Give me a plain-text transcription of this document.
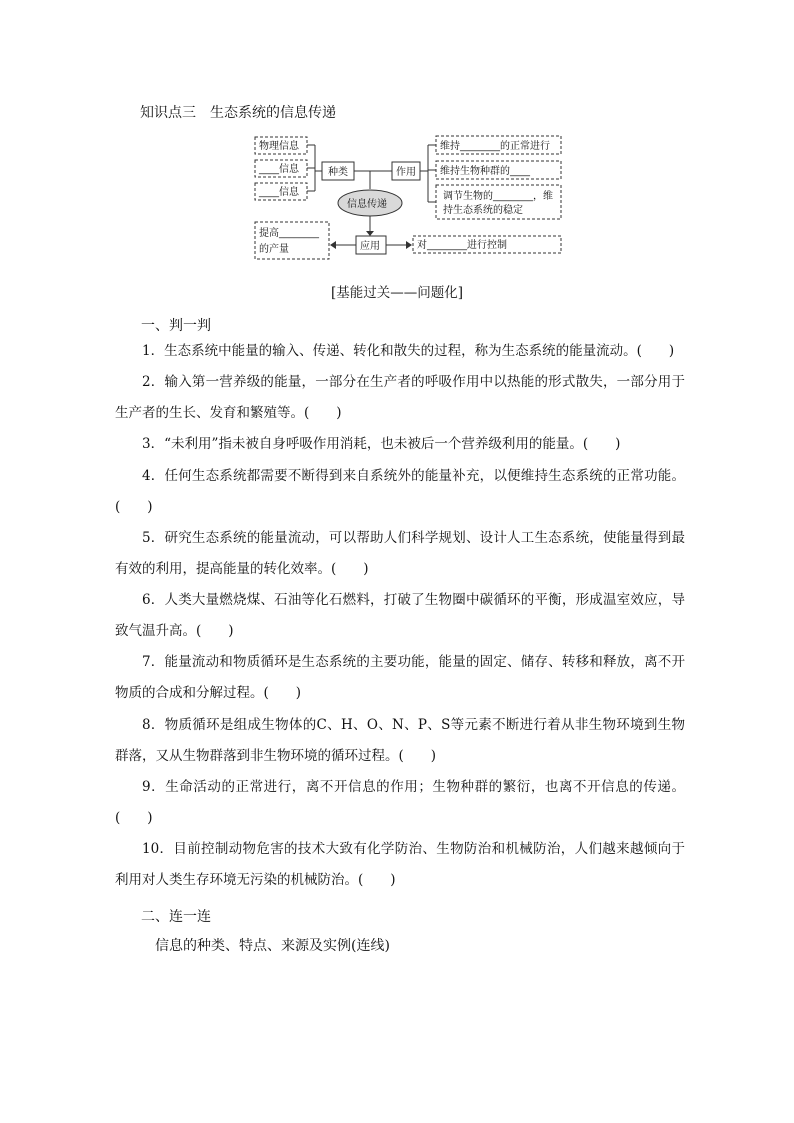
知识点三　生态系统的信息传递
物理信息
____信息
____信息
种类
信息传递
作用
维持________的正常进行
维持生物种群的____
调节生物的________，维
持生态系统的稳定
应用
提高________
的产量	对________进行控制
[基能过关——问题化]
一、判一判
1．生态系统中能量的输入、传递、转化和散失的过程，称为生态系统的能量流动。(　　)
2．输入第一营养级的能量，一部分在生产者的呼吸作用中以热能的形式散失，一部分用于生产者的生长、发育和繁殖等。(　　)
3．“未利用”指未被自身呼吸作用消耗，也未被后一个营养级利用的能量。(　　)
4．任何生态系统都需要不断得到来自系统外的能量补充，以便维持生态系统的正常功能。(　　)
5．研究生态系统的能量流动，可以帮助人们科学规划、设计人工生态系统，使能量得到最有效的利用，提高能量的转化效率。(　　)
6．人类大量燃烧煤、石油等化石燃料，打破了生物圈中碳循环的平衡，形成温室效应，导致气温升高。(　　)
7．能量流动和物质循环是生态系统的主要功能，能量的固定、储存、转移和释放，离不开物质的合成和分解过程。(　　)
8．物质循环是组成生物体的C、H、O、N、P、S等元素不断进行着从非生物环境到生物群落，又从生物群落到非生物环境的循环过程。(　　)
9．生命活动的正常进行，离不开信息的作用；生物种群的繁衍，也离不开信息的传递。(　　)
10．目前控制动物危害的技术大致有化学防治、生物防治和机械防治，人们越来越倾向于利用对人类生存环境无污染的机械防治。(　　)
二、连一连
信息的种类、特点、来源及实例(连线)
